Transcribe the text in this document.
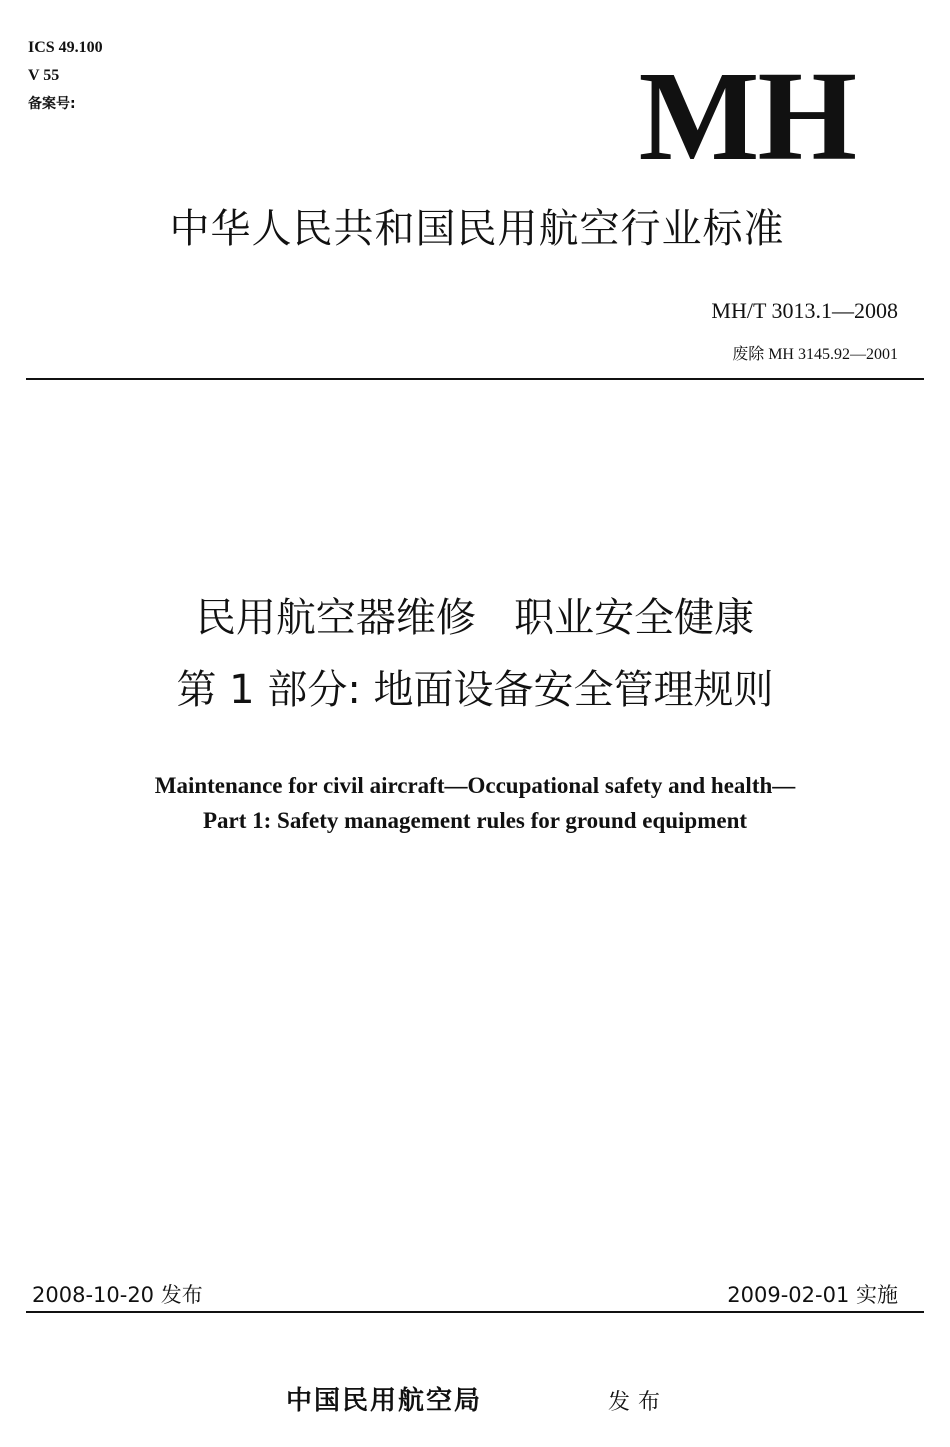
ICS 49.100
V 55
备案号:	MH
中华人民共和国民用航空行业标准
MH/T 3013.1—2008
废除 MH 3145.92—2001
民用航空器维修   职业安全健康
第 1 部分: 地面设备安全管理规则
Maintenance for civil aircraft—Occupational safety and health—
Part 1: Safety management rules for ground equipment
2008-10-20 发布	2009-02-01 实施
中国民用航空局	发布
